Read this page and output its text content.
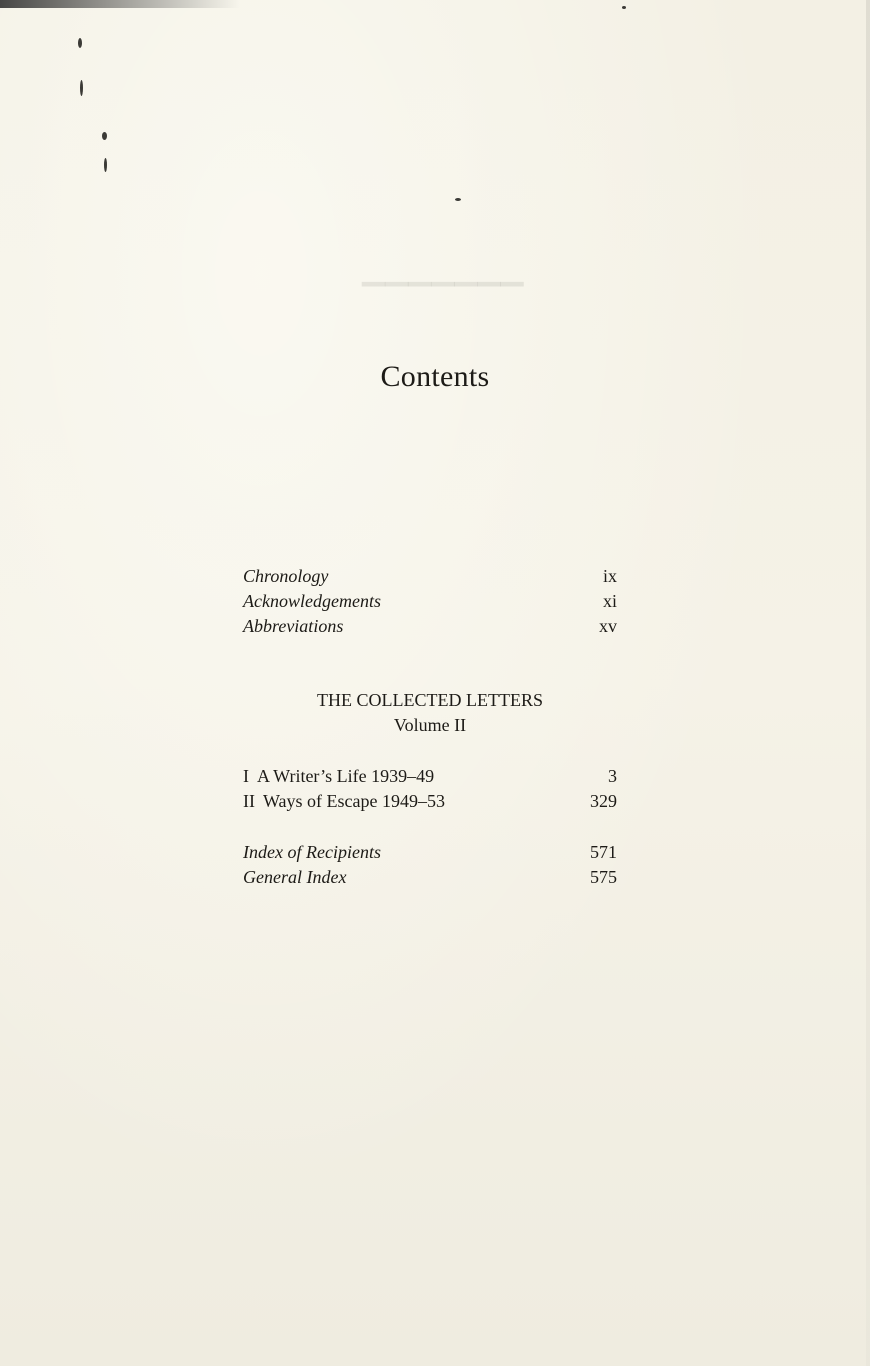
▁▁▁▁▁▁▁
Contents
Chronology	ix
Acknowledgements	xi
Abbreviations	xv
THE COLLECTED LETTERS
Volume II
I A Writer’s Life 1939–49	3
II Ways of Escape 1949–53	329
Index of Recipients	571
General Index	575
